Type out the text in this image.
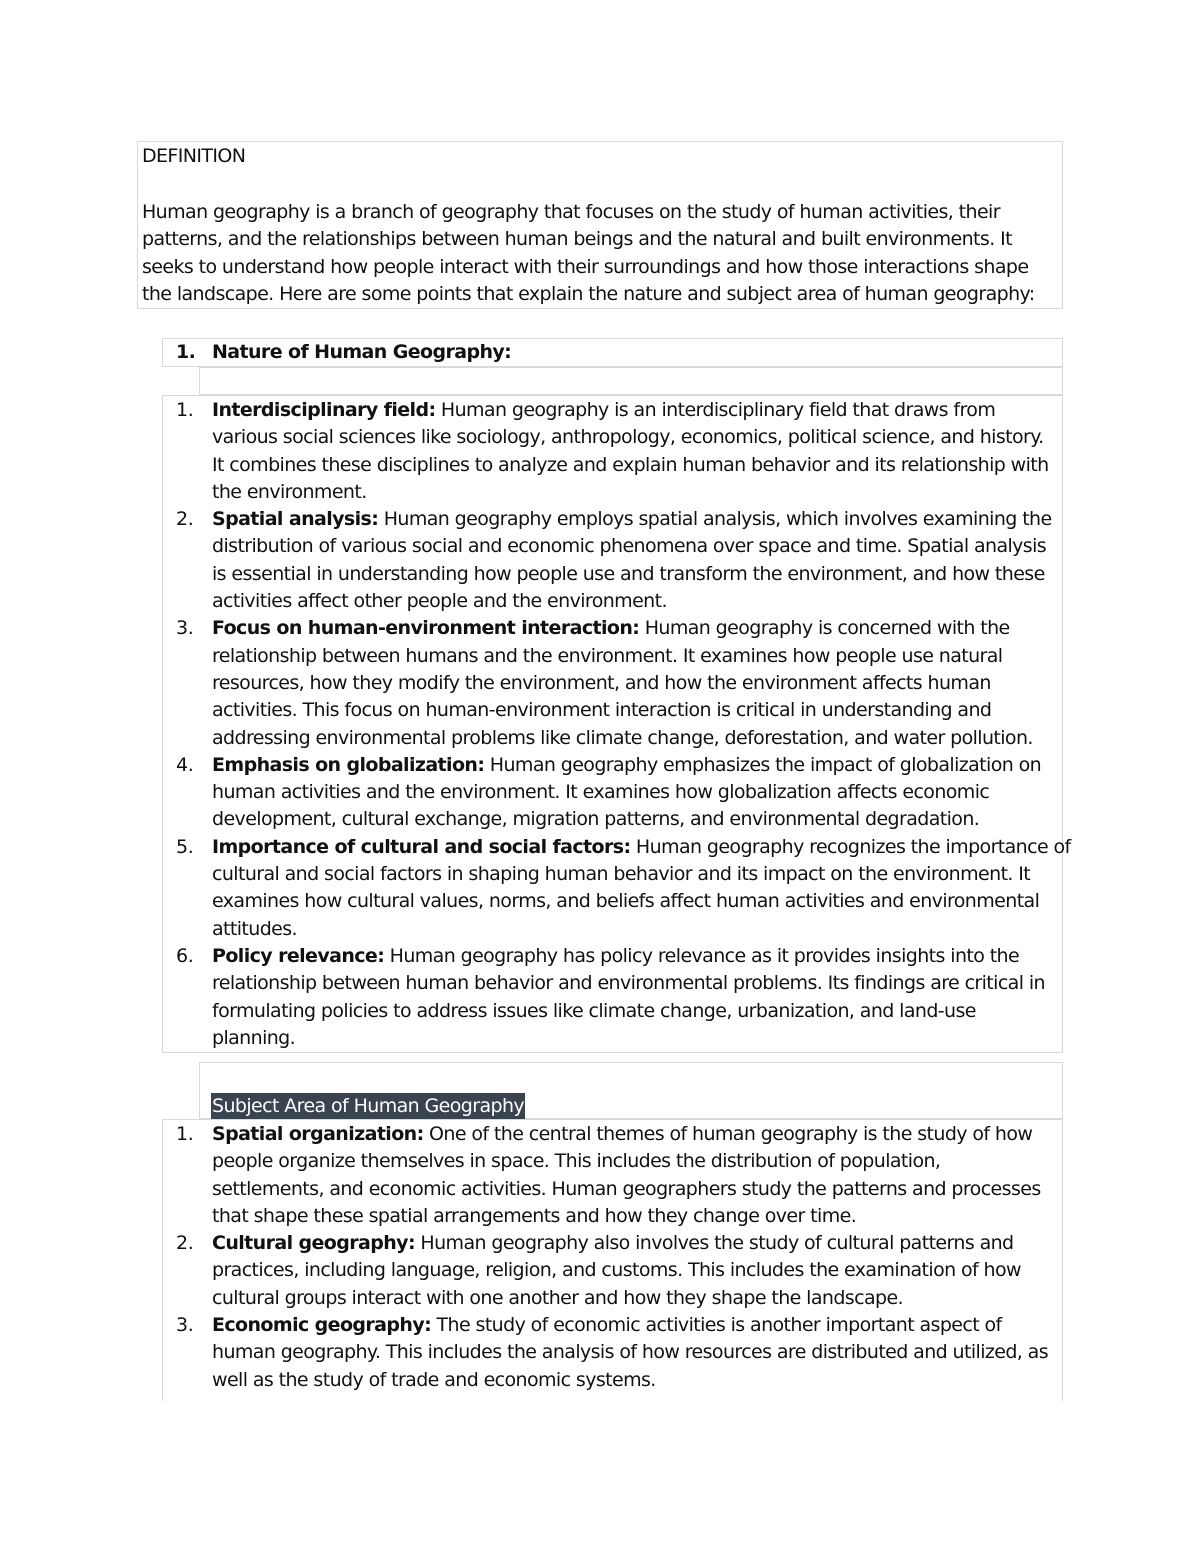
DEFINITION
Human geography is a branch of geography that focuses on the study of human activities, their
patterns, and the relationships between human beings and the natural and built environments. It
seeks to understand how people interact with their surroundings and how those interactions shape
the landscape. Here are some points that explain the nature and subject area of human geography:
1. Nature of Human Geography:
1. Interdisciplinary field: Human geography is an interdisciplinary field that draws from
various social sciences like sociology, anthropology, economics, political science, and history.
It combines these disciplines to analyze and explain human behavior and its relationship with
the environment.
2. Spatial analysis: Human geography employs spatial analysis, which involves examining the
distribution of various social and economic phenomena over space and time. Spatial analysis
is essential in understanding how people use and transform the environment, and how these
activities affect other people and the environment.
3. Focus on human-environment interaction: Human geography is concerned with the
relationship between humans and the environment. It examines how people use natural
resources, how they modify the environment, and how the environment affects human
activities. This focus on human-environment interaction is critical in understanding and
addressing environmental problems like climate change, deforestation, and water pollution.
4. Emphasis on globalization: Human geography emphasizes the impact of globalization on
human activities and the environment. It examines how globalization affects economic
development, cultural exchange, migration patterns, and environmental degradation.
5. Importance of cultural and social factors: Human geography recognizes the importance of
cultural and social factors in shaping human behavior and its impact on the environment. It
examines how cultural values, norms, and beliefs affect human activities and environmental
attitudes.
6. Policy relevance: Human geography has policy relevance as it provides insights into the
relationship between human behavior and environmental problems. Its findings are critical in
formulating policies to address issues like climate change, urbanization, and land-use
planning.
Subject Area of Human Geography
1. Spatial organization: One of the central themes of human geography is the study of how
people organize themselves in space. This includes the distribution of population,
settlements, and economic activities. Human geographers study the patterns and processes
that shape these spatial arrangements and how they change over time.
2. Cultural geography: Human geography also involves the study of cultural patterns and
practices, including language, religion, and customs. This includes the examination of how
cultural groups interact with one another and how they shape the landscape.
3. Economic geography: The study of economic activities is another important aspect of
human geography. This includes the analysis of how resources are distributed and utilized, as
well as the study of trade and economic systems.
